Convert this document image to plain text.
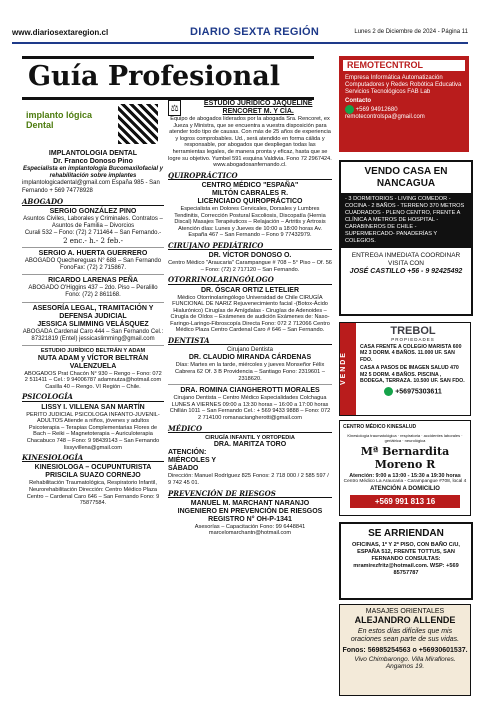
www.diariosextaregion.cl	DIARIO SEXTA REGIÓN	Lunes 2 de Diciembre de 2024 - Página 11
Guía Profesional
implanto lógica Dental
IMPLANTOLOGIA DENTAL
Dr. Franco Donoso Pino
Especialista en implantología Bucomaxilofacial y rehabilitación sobre implantes
implantologicadental@gmail.com España 985 - San Fernando + 569 74778928
ABOGADO
SERGIO GONZÁLEZ PINO
Asuntos Civiles, Laborales y Criminales. Contratos – Asuntos de Familia – Divorcios
Curali 532 – Fono: (72) 2 711464 – San Fernando.-
2 enc.- h.- 2 feb.-
SERGIO A. HUERTA GUERRERO
ABOGADO Quechereguas N° 688 – San Fernando FonoFax: (72) 2 715867.
RICARDO LARENAS PEÑA
ABOGADO O'Higgins 437 – 2do. Piso – Peralillo Fono: (72) 2 861168.
ASESORÍA LEGAL, TRAMITACIÓN Y DEFENSA JUDICIAL
JESSICA SLIMMING VELÁSQUEZ
ABOGADA Cardenal Caro 444 – San Fernando Cel.: 87321819 (Entel) jessicaslimming@gmail.com
ESTUDIO JURÍDICO BELTRÁN Y ADAM
NUTA ADAM y VÍCTOR BELTRÁN VALENZUELA
ABOGADOS Prat Chacón N° 930 – Rengo – Fono: 072 2 511411 – Cel.: 9 94006787 adamnutza@hotmail.com Casilla 40 – Rengo. VI Región – Chile.
PSICOLOGÍA
LISSY I. VILLENA SAN MARTÍN
PERITO JUDICIAL PSICOLOGA INFANTO-JUVENIL-ADULTOS Atiende a niños, jóvenes y adultos Psicoterapia – Terapias Complementarias Flores de Bach – Reiki – Magnetoterapia – Auriculoterapia Chacabuco 748 – Fono: 9 98439143 – San Fernando lissyvillena@gmail.com
KINESIOLOGÍA
KINESIOLOGA – OCUPUNTURISTA PRISCILA SUAZO CORNEJO
Rehabilitación Traumatológica, Respiratorio Infantil, Neurorehabilitación Dirección: Centro Médico Plaza Centro – Cardenal Caro 646 – San Fernando Fono: 9 75877584.
⚖	ESTUDIO JURÍDICO JAQUELINE RENCORET M. Y CÍA.
Equipo de abogados liderados por la abogada Sra. Rencoret, ex Jueza y Ministra, que se encuentra a vuestra disposición para atender todo tipo de causas. Con más de 25 años de experiencia y logros comprobables. Ud., será atendido en forma cálida y responsable, por abogados que despliegan todas las herramientas legales, de manera pronta y eficaz, hasta que se logre su objetivo. Yumbel 591 esquina Valdivia. Fono 72 2967424. www.abogadosanfernando.cl.
QUIROPRÁCTICO
CENTRO MÉDICO "ESPAÑA"
MILTÓN CABRALES R.
LICENCIADO QUIROPRÁCTICO
Especialista en Dolores Cervicales, Dorsales y Lumbres Tendinitis, Corrección Postural Escoliosis, Discopatía (Hernia Discal) Masajes Terapéuticos – Relajación – Artritis y Artrosis Atención días: Lunes y Jueves de 10:00 a 18:00 horas Av. España 467 – San Fernando – Fono 9 77432979.
CIRUJANO PEDIÁTRICO
DR. VÍCTOR DONOSO O.
Centro Médico "Araucaria" Carampangue # 708 – 5° Piso – Of. 56 – Fono: (72) 2 717120 – San Fernando.
OTORRINOLARINGÓLOGO
DR. ÓSCAR ORTIZ LETELIER
Médico Otorrinolaringólogo Universidad de Chile CIRUGÍA FUNCIONAL DE NARIZ Rejuvenecimiento facial -(Botox-Ácido Hialurónico) Cirugías de Amígdalas - Cirugías de Adenoides – Cirugía de Oídos – Exámenes de audición Exámenes de: Naso-Faringo-Laringo-Fibroscopía Directa Fono: 072 2 712066 Centro Médico Plaza Centro Cardenal Caro # 646 – San Fernando.
DENTISTA
Cirujano Dentista
DR. CLAUDIO MIRANDA CÁRDENAS
Días: Martes en la tarde, miércoles y jueves Monseñor Félix Cabrera 62 Of. 3 B Providencia – Santiago Fono: 2319601 – 2318620.
DRA. ROMINA CIANGHEROTTI MORALES
Cirujano Dentista – Centro Médico Especialidades Colchagua LUNES A VIERNES 09:00 a 13:30 horas – 16:00 a 17:00 horas Chillán 1011 – San Fernando Cel.: + 569 9433 9888 – Fono: 072 2 714100 romanaciangherotti@gmail.com
MÉDICO
CIRUGÍA INFANTIL Y ORTOPEDIA
DRA. MARITZA TORO
ATENCIÓN: MIÉRCOLES Y SÁBADO
Dirección: Manuel Rodríguez 825 Fonos: 2 718 000 / 2 585 597 / 9 742 45 01.
PREVENCIÓN DE RIESGOS
MANUEL M. MARCHANT NARANJO
INGENIERO EN PREVENCIÓN DE RIESGOS
REGISTRO N° OH-P-1341
Asesorías – Capacitación Fono: 99 6448841 marcelomarchantn@hotmail.com
REMOTECNTROL
Empresa Informática Automatización Computadores y Redes Robótica Educativa Servicios Tecnológicos FAB Lab
Contacto
+569 94912680
remotecontrolspa@gmail.com
VENDO CASA EN NANCAGUA
- 3 DORMITORIOS - LIVING COMEDOR - COCINA - 2 BAÑOS - TERRENO 370 METROS CUADRADOS - PLENO CENTRO, FRENTE A CLÍNICA A METROS DE HOSPITAL - CARABINEROS DE CHILE - SUPERMERCADO- PANADERÍAS Y COLEGIOS.
ENTREGA INMEDIATA COORDINAR VISITA CON
JOSÉ CASTILLO +56 - 9 92425492
V E N D E
TREBOL
PROPIEDADES
CASA FRENTE A COLEGIO MARISTA 600 M2 3 DORM. 4 BAÑOS. 11.000 UF. SAN FDO.
CASA A PASOS DE IMAGEN SALUD 470 M2 5 DORM. 4 BAÑOS. PISCINA , BODEGA, TERRAZA. 10.500 UF. SAN FDO.
+56975303611
CENTRO MÉDICO KINESALUD
Kinesiología traumatológica · respiratoria · accidentes laborales · geriátrica · neurológica
Mª Bernardita Moreno R
Atención: 9:00 a 13:00 - 15:30 a 19:30 horas
Centro Médico La Araucaria - Carampangue #708, local 4
ATENCIÓN A DOMICILIO
+569 991 813 16
SE ARRIENDAN
OFICINAS, 1º Y 2º PISO, CON BAÑO C/U, ESPAÑA 512, FRENTE TOTTUS, SAN FERNANDO CONSULTAS: mramirezfritz@hotmail.com. WSP: +569 85757787
MASAJES ORIENTALES
ALEJANDRO ALLENDE
En estos días difíciles que mis oraciones sean parte de sus vidas.
Fonos: 56985254563 o +56930601537.
Vivo Chimbarongo. Villa Miraflores. Angamos 19.
